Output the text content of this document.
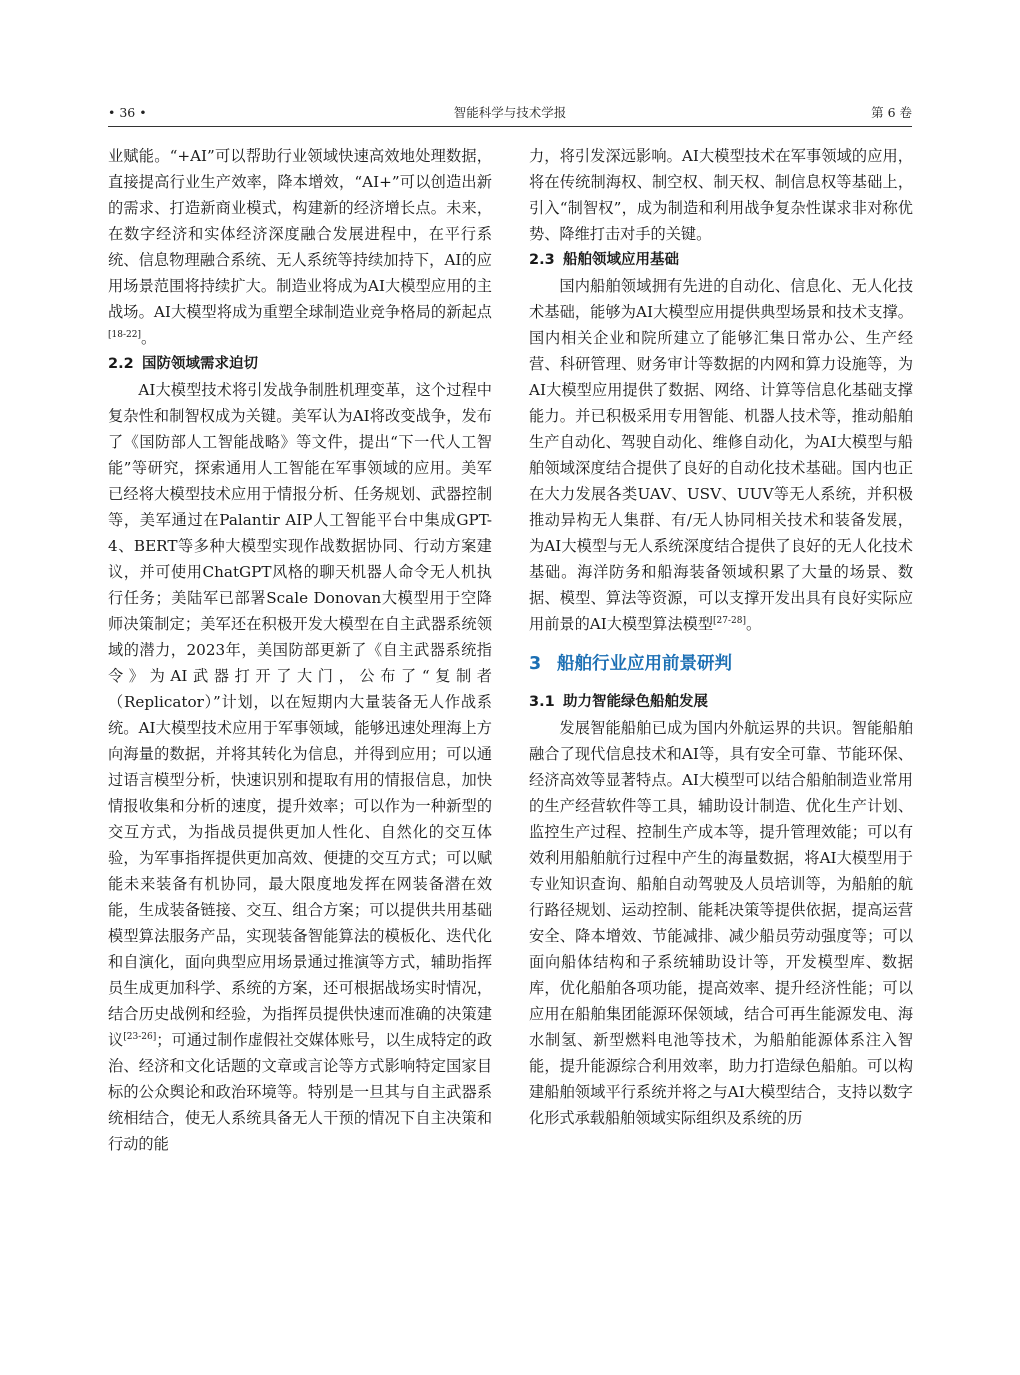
• 36 •	智能科学与技术学报	第 6 卷

业赋能。“+AI”可以帮助行业领域快速高效地处理数据，直接提高行业生产效率，降本增效，“AI+”可以创造出新的需求、打造新商业模式，构建新的经济增长点。未来，在数字经济和实体经济深度融合发展进程中，在平行系统、信息物理融合系统、无人系统等持续加持下，AI的应用场景范围将持续扩大。制造业将成为AI大模型应用的主战场。AI大模型将成为重塑全球制造业竞争格局的新起点[18-22]。

2.2 国防领域需求迫切

AI大模型技术将引发战争制胜机理变革，这个过程中复杂性和制智权成为关键。美军认为AI将改变战争，发布了《国防部人工智能战略》等文件，提出“下一代人工智能”等研究，探索通用人工智能在军事领域的应用。美军已经将大模型技术应用于情报分析、任务规划、武器控制等，美军通过在Palantir AIP人工智能平台中集成GPT-4、BERT等多种大模型实现作战数据协同、行动方案建议，并可使用ChatGPT风格的聊天机器人命令无人机执行任务；美陆军已部署Scale Donovan大模型用于空降师决策制定；美军还在积极开发大模型在自主武器系统领域的潜力，2023年，美国防部更新了《自主武器系统指令》为AI武器打开了大门，公布了“复制者（Replicator）”计划，以在短期内大量装备无人作战系统。AI大模型技术应用于军事领域，能够迅速处理海上方向海量的数据，并将其转化为信息，并得到应用；可以通过语言模型分析，快速识别和提取有用的情报信息，加快情报收集和分析的速度，提升效率；可以作为一种新型的交互方式，为指战员提供更加人性化、自然化的交互体验，为军事指挥提供更加高效、便捷的交互方式；可以赋能未来装备有机协同，最大限度地发挥在网装备潜在效能，生成装备链接、交互、组合方案；可以提供共用基础模型算法服务产品，实现装备智能算法的模板化、迭代化和自演化，面向典型应用场景通过推演等方式，辅助指挥员生成更加科学、系统的方案，还可根据战场实时情况，结合历史战例和经验，为指挥员提供快速而准确的决策建议[23-26]；可通过制作虚假社交媒体账号，以生成特定的政治、经济和文化话题的文章或言论等方式影响特定国家目标的公众舆论和政治环境等。特别是一旦其与自主武器系统相结合，使无人系统具备无人干预的情况下自主决策和行动的能

力，将引发深远影响。AI大模型技术在军事领域的应用，将在传统制海权、制空权、制天权、制信息权等基础上，引入“制智权”，成为制造和利用战争复杂性谋求非对称优势、降维打击对手的关键。

2.3 船舶领域应用基础

国内船舶领域拥有先进的自动化、信息化、无人化技术基础，能够为AI大模型应用提供典型场景和技术支撑。国内相关企业和院所建立了能够汇集日常办公、生产经营、科研管理、财务审计等数据的内网和算力设施等，为AI大模型应用提供了数据、网络、计算等信息化基础支撑能力。并已积极采用专用智能、机器人技术等，推动船舶生产自动化、驾驶自动化、维修自动化，为AI大模型与船舶领域深度结合提供了良好的自动化技术基础。国内也正在大力发展各类UAV、USV、UUV等无人系统，并积极推动异构无人集群、有/无人协同相关技术和装备发展，为AI大模型与无人系统深度结合提供了良好的无人化技术基础。海洋防务和船海装备领域积累了大量的场景、数据、模型、算法等资源，可以支撑开发出具有良好实际应用前景的AI大模型算法模型[27-28]。

3 船舶行业应用前景研判
3.1 助力智能绿色船舶发展

发展智能船舶已成为国内外航运界的共识。智能船舶融合了现代信息技术和AI等，具有安全可靠、节能环保、经济高效等显著特点。AI大模型可以结合船舶制造业常用的生产经营软件等工具，辅助设计制造、优化生产计划、监控生产过程、控制生产成本等，提升管理效能；可以有效利用船舶航行过程中产生的海量数据，将AI大模型用于专业知识查询、船舶自动驾驶及人员培训等，为船舶的航行路径规划、运动控制、能耗决策等提供依据，提高运营安全、降本增效、节能减排、减少船员劳动强度等；可以面向船体结构和子系统辅助设计等，开发模型库、数据库，优化船舶各项功能，提高效率、提升经济性能；可以应用在船舶集团能源环保领域，结合可再生能源发电、海水制氢、新型燃料电池等技术，为船舶能源体系注入智能，提升能源综合利用效率，助力打造绿色船舶。可以构建船舶领域平行系统并将之与AI大模型结合，支持以数字化形式承载船舶领域实际组织及系统的历
